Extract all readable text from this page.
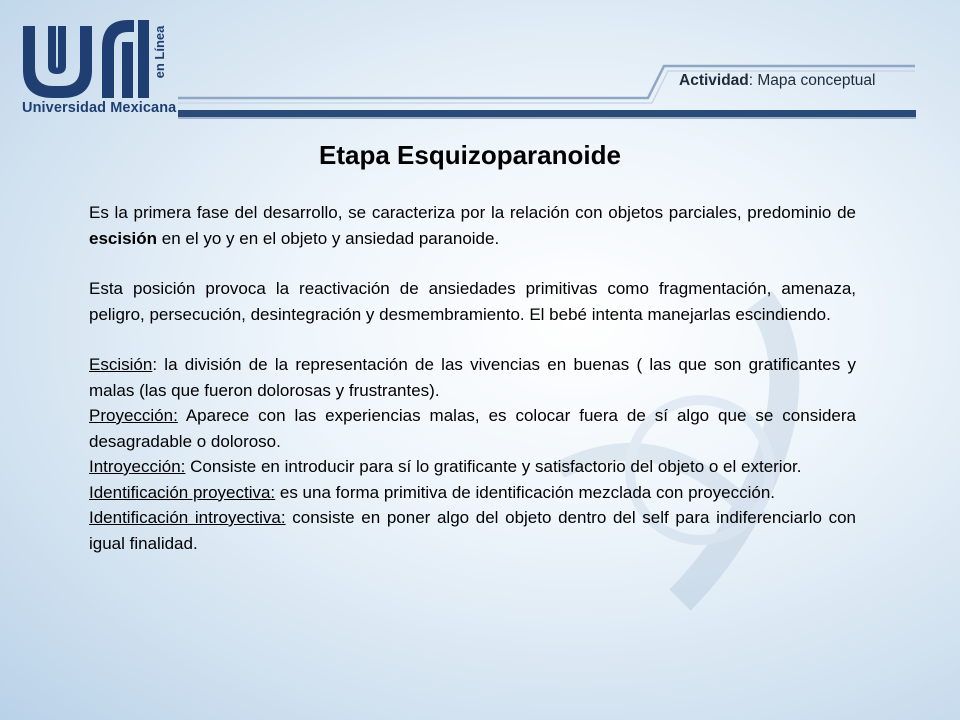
en Línea
Universidad Mexicana
Actividad: Mapa conceptual
Etapa Esquizoparanoide

Es la primera fase del desarrollo, se caracteriza por la relación con objetos parciales, predominio de escisión en el yo y en el objeto y ansiedad paranoide.

Esta posición provoca la reactivación de ansiedades primitivas como fragmentación, amenaza, peligro, persecución, desintegración y desmembramiento. El bebé intenta manejarlas escindiendo.

Escisión: la división de la representación de las vivencias en buenas ( las que son gratificantes y malas (las que fueron dolorosas y frustrantes).

Proyección: Aparece con las experiencias malas, es colocar fuera de sí algo que se considera desagradable o doloroso.

Introyección: Consiste en introducir para sí lo gratificante y satisfactorio del objeto o el exterior.

Identificación proyectiva: es una forma primitiva de identificación mezclada con proyección.

Identificación introyectiva: consiste en poner algo del objeto dentro del self para indiferenciarlo con igual finalidad.
